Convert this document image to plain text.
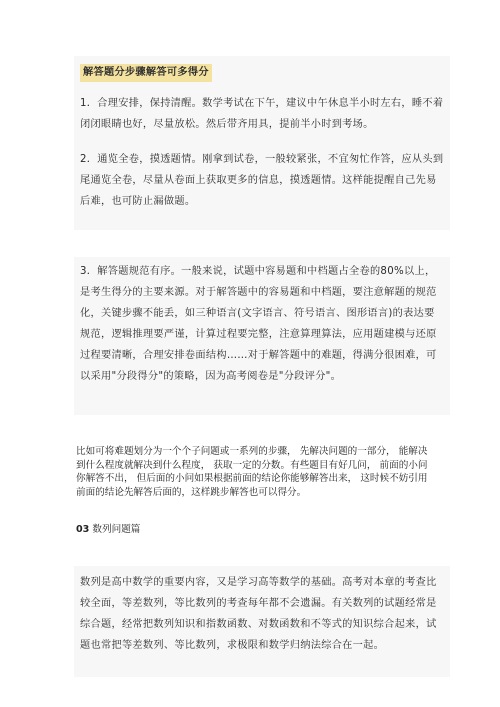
解答题分步骤解答可多得分

1．合理安排，保持清醒。数学考试在下午，建议中午休息半小时左右，睡不着闭闭眼睛也好，尽量放松。然后带齐用具，提前半小时到考场。

2．通览全卷，摸透题情。刚拿到试卷，一般较紧张，不宜匆忙作答，应从头到尾通览全卷，尽量从卷面上获取更多的信息，摸透题情。这样能提醒自己先易后难，也可防止漏做题。

3．解答题规范有序。一般来说，试题中容易题和中档题占全卷的80%以上，是考生得分的主要来源。对于解答题中的容易题和中档题，要注意解题的规范化，关键步骤不能丢，如三种语言(文字语言、符号语言、图形语言)的表达要规范，逻辑推理要严谨，计算过程要完整，注意算理算法，应用题建模与还原过程要清晰，合理安排卷面结构……对于解答题中的难题，得满分很困难，可以采用"分段得分"的策略，因为高考阅卷是"分段评分"。

比如可将难题划分为一个个子问题或一系列的步骤， 先解决问题的一部分， 能解决到什么程度就解决到什么程度， 获取一定的分数。有些题目有好几问， 前面的小问你解答不出， 但后面的小问如果根据前面的结论你能够解答出来， 这时候不妨引用前面的结论先解答后面的，这样跳步解答也可以得分。

03 数列问题篇

数列是高中数学的重要内容，又是学习高等数学的基础。高考对本章的考查比较全面，等差数列，等比数列的考查每年都不会遗漏。有关数列的试题经常是综合题，经常把数列知识和指数函数、对数函数和不等式的知识综合起来，试题也常把等差数列、等比数列，求极限和数学归纳法综合在一起。
